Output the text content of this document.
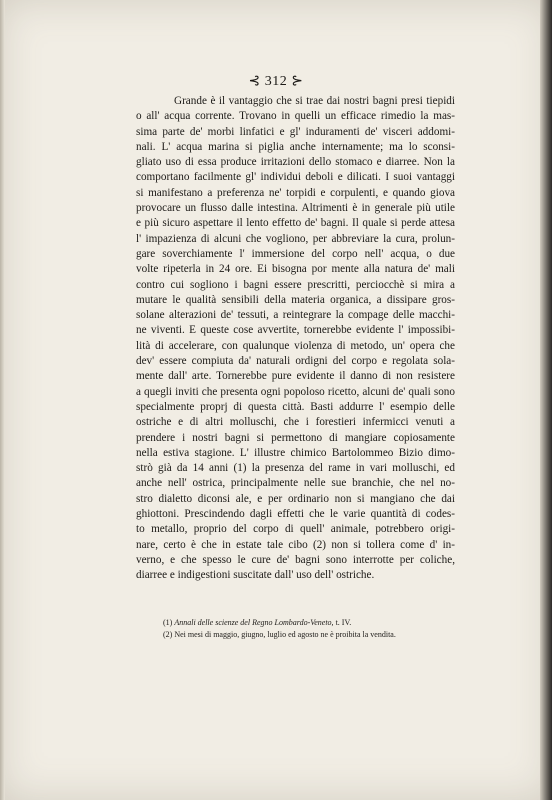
⊰ 312 ⊱
Grande è il vantaggio che si trae dai nostri bagni presi tiepidi
o all' acqua corrente. Trovano in quelli un efficace rimedio la mas-
sima parte de' morbi linfatici e gl' induramenti de' visceri addomi-
nali. L' acqua marina si piglia anche internamente; ma lo sconsi-
gliato uso di essa produce irritazioni dello stomaco e diarree. Non la
comportano facilmente gl' individui deboli e dilicati. I suoi vantaggi
si manifestano a preferenza ne' torpidi e corpulenti, e quando giova
provocare un flusso dalle intestina. Altrimenti è in generale più utile
e più sicuro aspettare il lento effetto de' bagni. Il quale si perde attesa
l' impazienza di alcuni che vogliono, per abbreviare la cura, prolun-
gare soverchiamente l' immersione del corpo nell' acqua, o due
volte ripeterla in 24 ore. Ei bisogna por mente alla natura de' mali
contro cui sogliono i bagni essere prescritti, perciocchè si mira a
mutare le qualità sensibili della materia organica, a dissipare gros-
solane alterazioni de' tessuti, a reintegrare la compage delle macchi-
ne viventi. E queste cose avvertite, tornerebbe evidente l' impossibi-
lità di accelerare, con qualunque violenza di metodo, un' opera che
dev' essere compiuta da' naturali ordigni del corpo e regolata sola-
mente dall' arte. Tornerebbe pure evidente il danno di non resistere
a quegli inviti che presenta ogni popoloso ricetto, alcuni de' quali sono
specialmente proprj di questa città. Basti addurre l' esempio delle
ostriche e di altri molluschi, che i forestieri infermicci venuti a
prendere i nostri bagni si permettono di mangiare copiosamente
nella estiva stagione. L' illustre chimico Bartolommeo Bizio dimo-
strò già da 14 anni (1) la presenza del rame in vari molluschi, ed
anche nell' ostrica, principalmente nelle sue branchie, che nel no-
stro dialetto diconsi ale, e per ordinario non si mangiano che dai
ghiottoni. Prescindendo dagli effetti che le varie quantità di codes-
to metallo, proprio del corpo di quell' animale, potrebbero origi-
nare, certo è che in estate tale cibo (2) non si tollera come d' in-
verno, e che spesso le cure de' bagni sono interrotte per coliche,
diarree e indigestioni suscitate dall' uso dell' ostriche.
(1) Annali delle scienze del Regno Lombardo-Veneto, t. IV.
(2) Nei mesi di maggio, giugno, luglio ed agosto ne è proibita la vendita.
